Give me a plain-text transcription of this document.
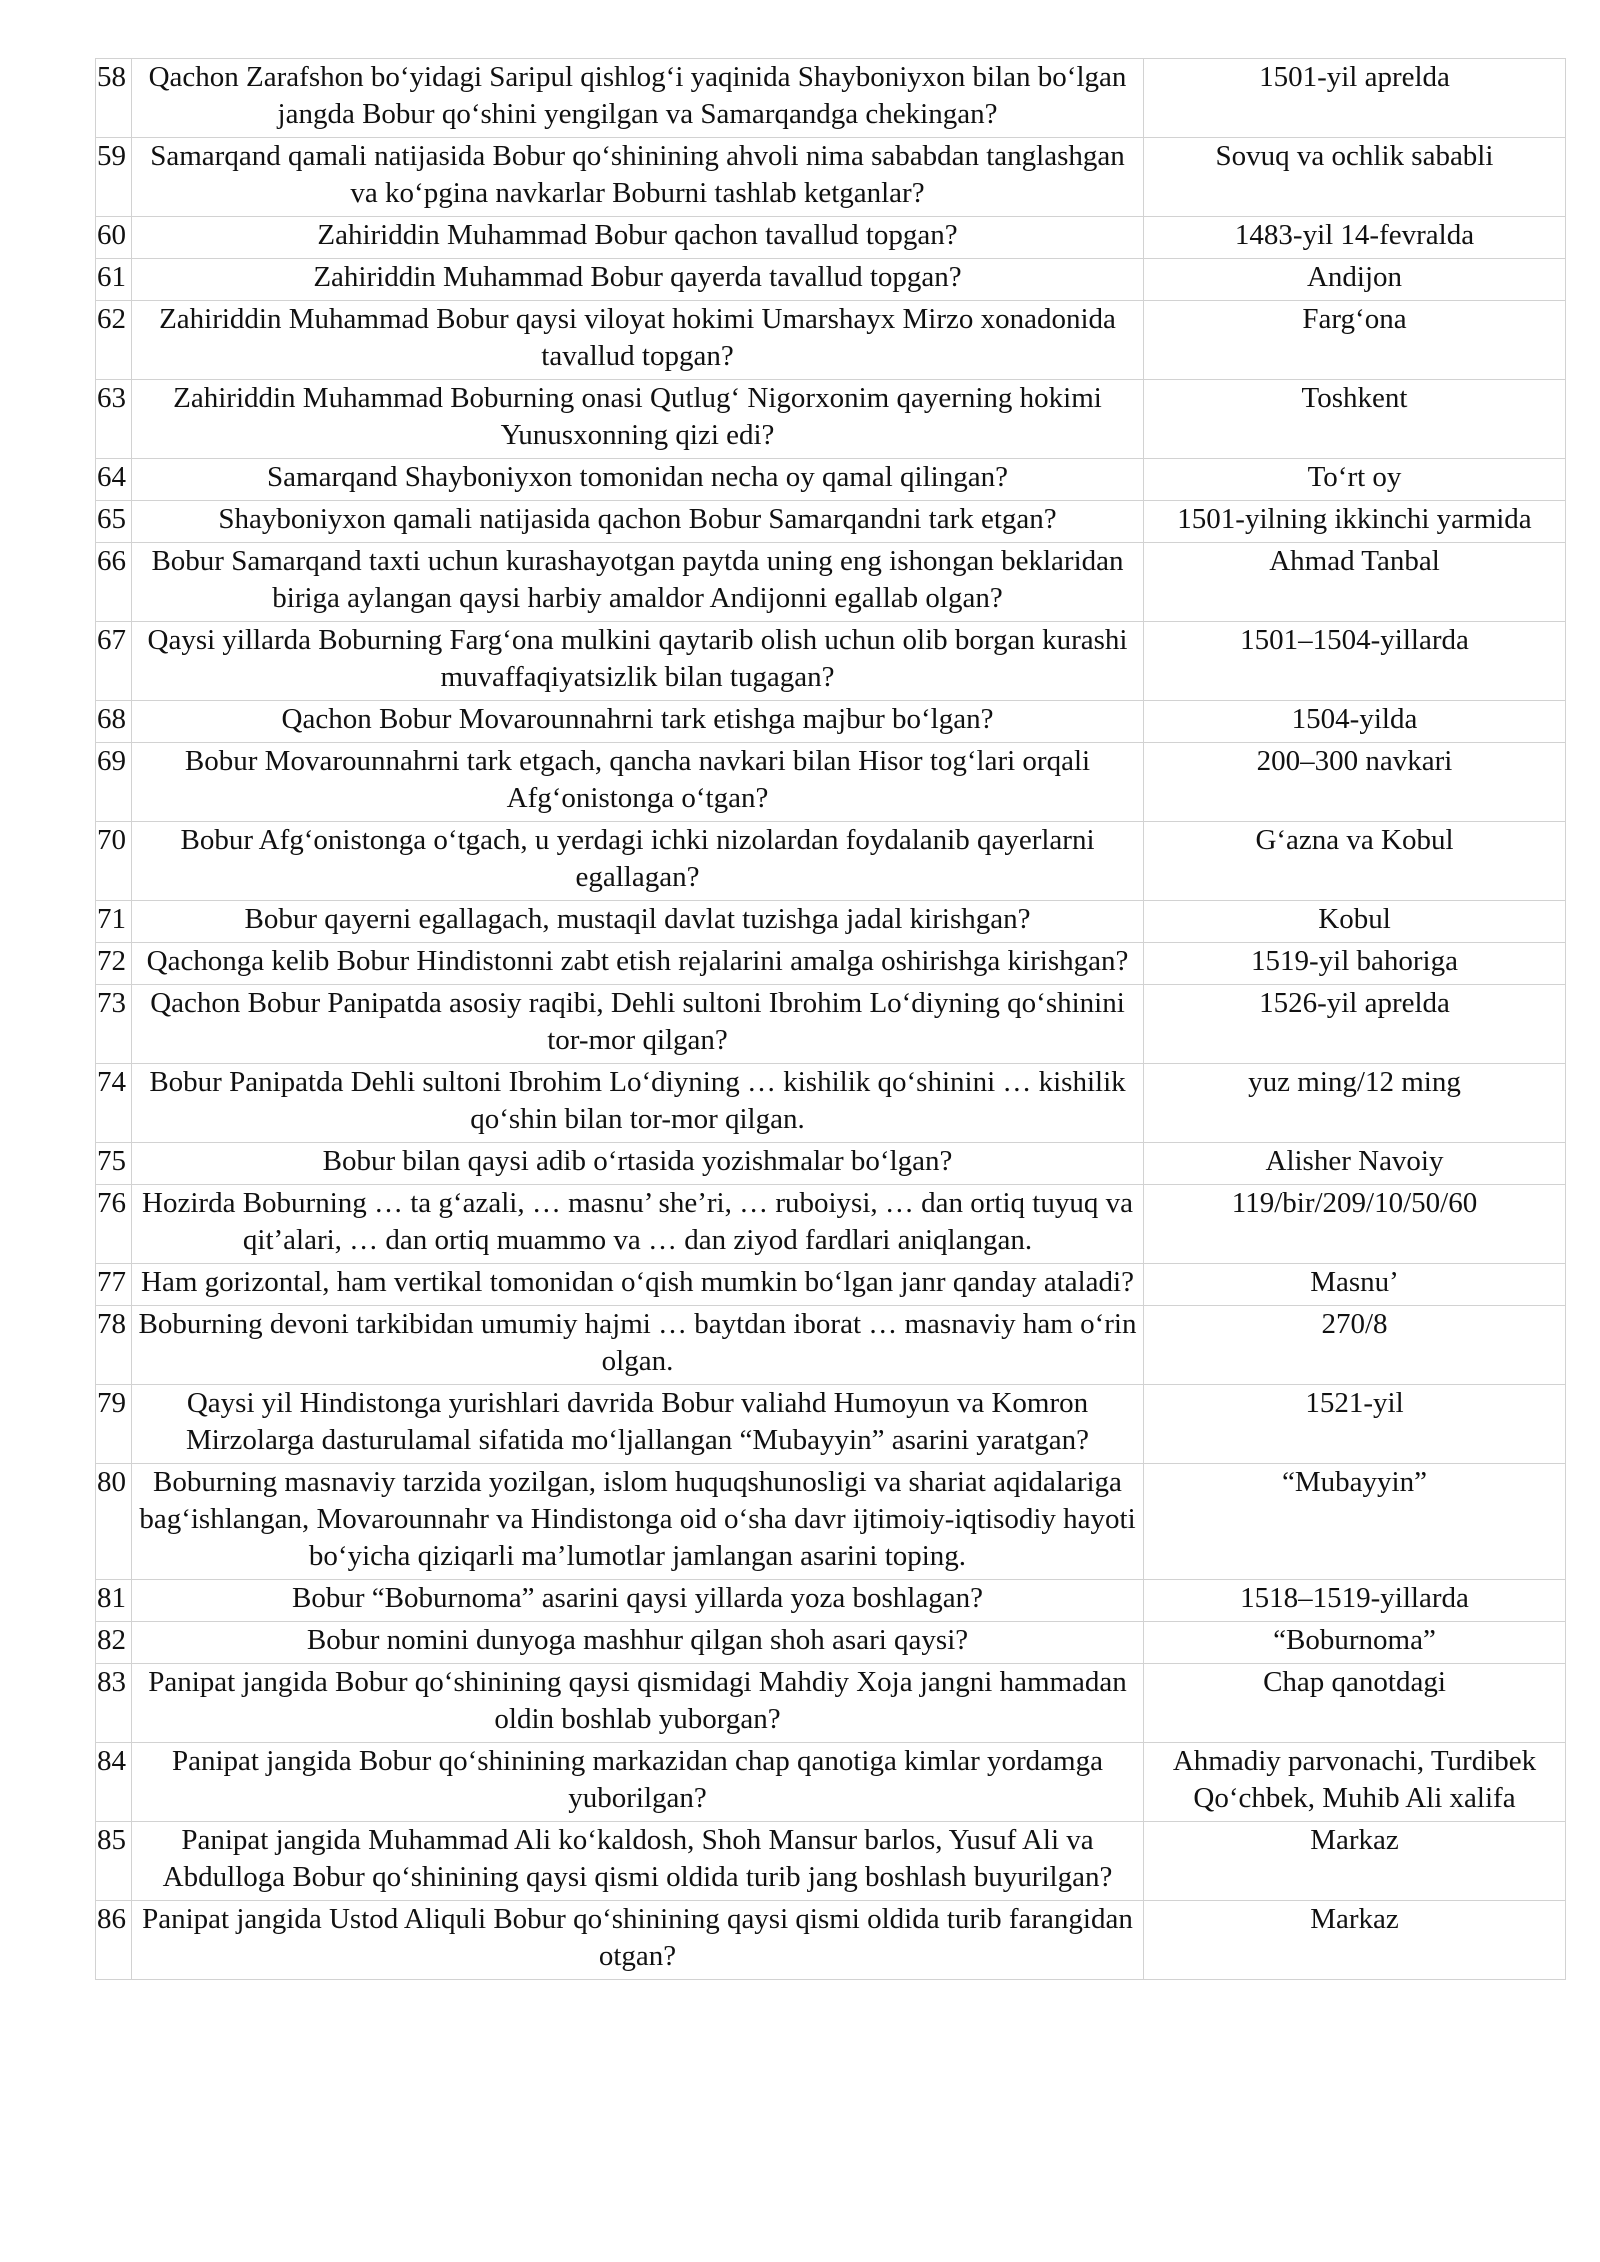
58	Qachon Zarafshon bo‘yidagi Saripul qishlog‘i yaqinida Shayboniyxon bilan bo‘lgan jangda Bobur qo‘shini yengilgan va Samarqandga chekingan?	1501-yil aprelda
59	Samarqand qamali natijasida Bobur qo‘shinining ahvoli nima sababdan tanglashgan va ko‘pgina navkarlar Boburni tashlab ketganlar?	Sovuq va ochlik sababli
60	Zahiriddin Muhammad Bobur qachon tavallud topgan?	1483-yil 14-fevralda
61	Zahiriddin Muhammad Bobur qayerda tavallud topgan?	Andijon
62	Zahiriddin Muhammad Bobur qaysi viloyat hokimi Umarshayx Mirzo xonadonida tavallud topgan?	Farg‘ona
63	Zahiriddin Muhammad Boburning onasi Qutlug‘ Nigorxonim qayerning hokimi Yunusxonning qizi edi?	Toshkent
64	Samarqand Shayboniyxon tomonidan necha oy qamal qilingan?	To‘rt oy
65	Shayboniyxon qamali natijasida qachon Bobur Samarqandni tark etgan?	1501-yilning ikkinchi yarmida
66	Bobur Samarqand taxti uchun kurashayotgan paytda uning eng ishongan beklaridan biriga aylangan qaysi harbiy amaldor Andijonni egallab olgan?	Ahmad Tanbal
67	Qaysi yillarda Boburning Farg‘ona mulkini qaytarib olish uchun olib borgan kurashi muvaffaqiyatsizlik bilan tugagan?	1501–1504-yillarda
68	Qachon Bobur Movarounnahrni tark etishga majbur bo‘lgan?	1504-yilda
69	Bobur Movarounnahrni tark etgach, qancha navkari bilan Hisor tog‘lari orqali Afg‘onistonga o‘tgan?	200–300 navkari
70	Bobur Afg‘onistonga o‘tgach, u yerdagi ichki nizolardan foydalanib qayerlarni egallagan?	G‘azna va Kobul
71	Bobur qayerni egallagach, mustaqil davlat tuzishga jadal kirishgan?	Kobul
72	Qachonga kelib Bobur Hindistonni zabt etish rejalarini amalga oshirishga kirishgan?	1519-yil bahoriga
73	Qachon Bobur Panipatda asosiy raqibi, Dehli sultoni Ibrohim Lo‘diyning qo‘shinini tor-mor qilgan?	1526-yil aprelda
74	Bobur Panipatda Dehli sultoni Ibrohim Lo‘diyning … kishilik qo‘shinini … kishilik qo‘shin bilan tor-mor qilgan.	yuz ming/12 ming
75	Bobur bilan qaysi adib o‘rtasida yozishmalar bo‘lgan?	Alisher Navoiy
76	Hozirda Boburning … ta g‘azali, … masnu’ she’ri, … ruboiysi, … dan ortiq tuyuq va qit’alari, … dan ortiq muammo va … dan ziyod fardlari aniqlangan.	119/bir/209/10/50/60
77	Ham gorizontal, ham vertikal tomonidan o‘qish mumkin bo‘lgan janr qanday ataladi?	Masnu’
78	Boburning devoni tarkibidan umumiy hajmi … baytdan iborat … masnaviy ham o‘rin olgan.	270/8
79	Qaysi yil Hindistonga yurishlari davrida Bobur valiahd Humoyun va Komron Mirzolarga dasturulamal sifatida mo‘ljallangan “Mubayyin” asarini yaratgan?	1521-yil
80	Boburning masnaviy tarzida yozilgan, islom huquqshunosligi va shariat aqidalariga bag‘ishlangan, Movarounnahr va Hindistonga oid o‘sha davr ijtimoiy-iqtisodiy hayoti bo‘yicha qiziqarli ma’lumotlar jamlangan asarini toping.	“Mubayyin”
81	Bobur “Boburnoma” asarini qaysi yillarda yoza boshlagan?	1518–1519-yillarda
82	Bobur nomini dunyoga mashhur qilgan shoh asari qaysi?	“Boburnoma”
83	Panipat jangida Bobur qo‘shinining qaysi qismidagi Mahdiy Xoja jangni hammadan oldin boshlab yuborgan?	Chap qanotdagi
84	Panipat jangida Bobur qo‘shinining markazidan chap qanotiga kimlar yordamga yuborilgan?	Ahmadiy parvonachi, Turdibek Qo‘chbek, Muhib Ali xalifa
85	Panipat jangida Muhammad Ali ko‘kaldosh, Shoh Mansur barlos, Yusuf Ali va Abdulloga Bobur qo‘shinining qaysi qismi oldida turib jang boshlash buyurilgan?	Markaz
86	Panipat jangida Ustod Aliquli Bobur qo‘shinining qaysi qismi oldida turib farangidan otgan?	Markaz
